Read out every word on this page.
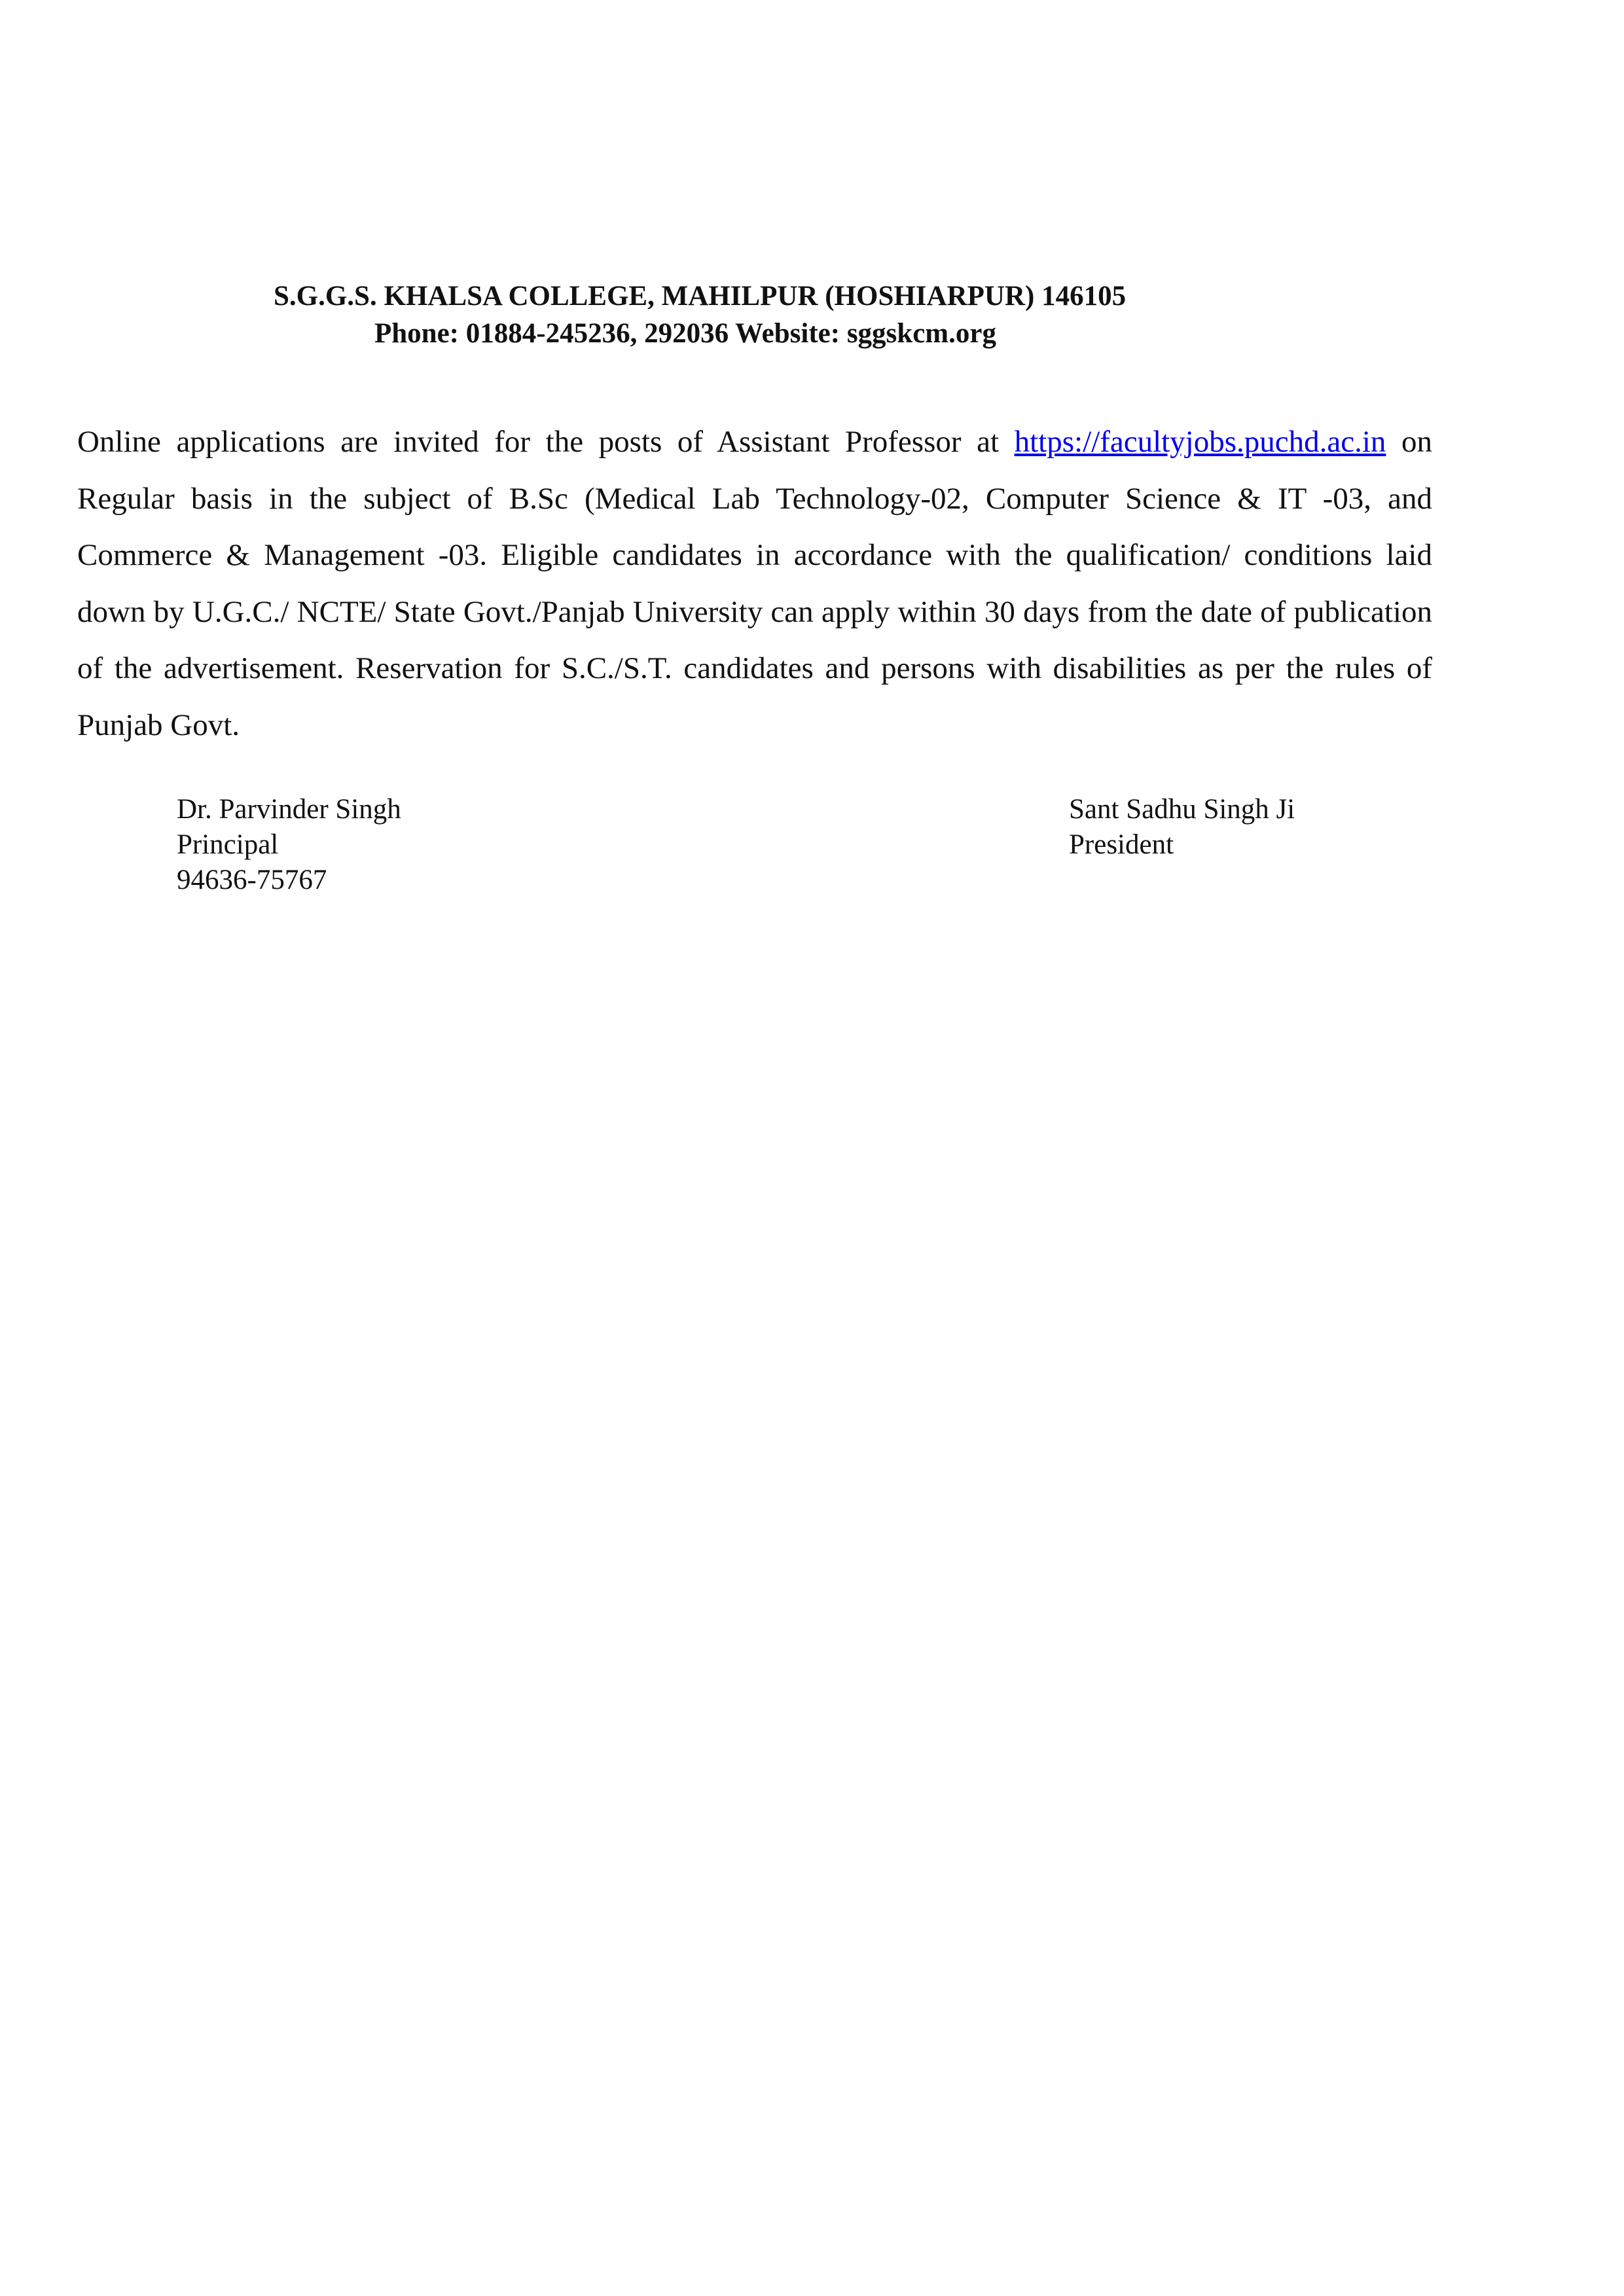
S.G.G.S. KHALSA COLLEGE, MAHILPUR (HOSHIARPUR) 146105
Phone: 01884-245236, 292036 Website: sggskcm.org
Online applications are invited for the posts of Assistant Professor at https://facultyjobs.puchd.ac.in on Regular basis in the subject of B.Sc (Medical Lab Technology-02, Computer Science & IT -03, and Commerce & Management -03. Eligible candidates in accordance with the qualification/ conditions laid down by U.G.C./ NCTE/ State Govt./Panjab University can apply within 30 days from the date of publication of the advertisement. Reservation for S.C./S.T. candidates and persons with disabilities as per the rules of Punjab Govt.
Dr. Parvinder Singh
Principal
94636-75767
Sant Sadhu Singh Ji
President
